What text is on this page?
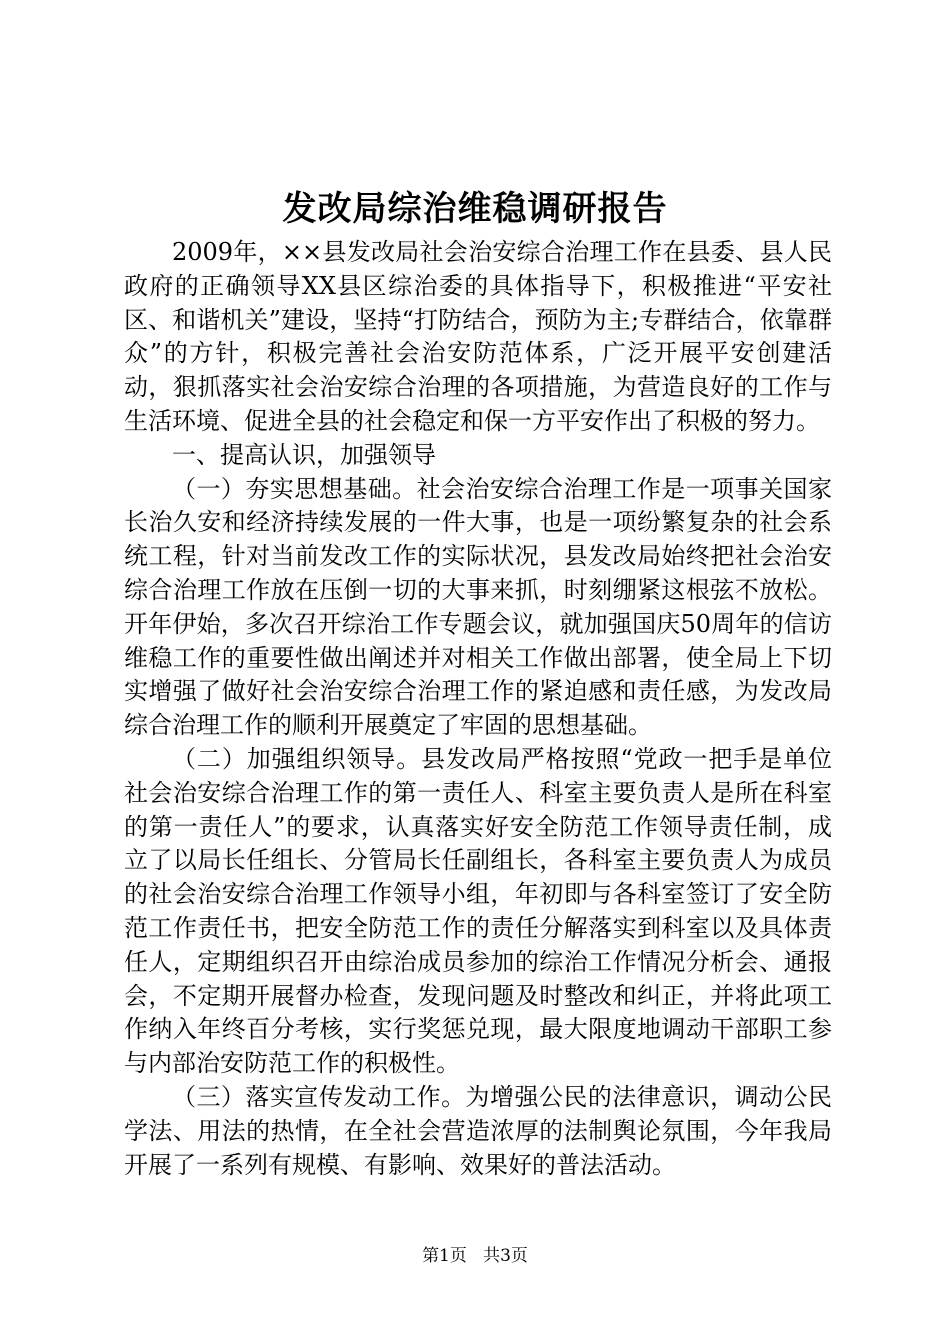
发改局综治维稳调研报告

2009年，××县发改局社会治安综合治理工作在县委、县人民政府的正确领导XX县区综治委的具体指导下，积极推进“平安社区、和谐机关”建设，坚持“打防结合，预防为主;专群结合，依靠群众”的方针，积极完善社会治安防范体系，广泛开展平安创建活动，狠抓落实社会治安综合治理的各项措施，为营造良好的工作与生活环境、促进全县的社会稳定和保一方平安作出了积极的努力。

一、提高认识，加强领导

（一）夯实思想基础。社会治安综合治理工作是一项事关国家长治久安和经济持续发展的一件大事，也是一项纷繁复杂的社会系统工程，针对当前发改工作的实际状况，县发改局始终把社会治安综合治理工作放在压倒一切的大事来抓，时刻绷紧这根弦不放松。开年伊始，多次召开综治工作专题会议，就加强国庆50周年的信访维稳工作的重要性做出阐述并对相关工作做出部署，使全局上下切实增强了做好社会治安综合治理工作的紧迫感和责任感，为发改局综合治理工作的顺利开展奠定了牢固的思想基础。

（二）加强组织领导。县发改局严格按照“党政一把手是单位社会治安综合治理工作的第一责任人、科室主要负责人是所在科室的第一责任人”的要求，认真落实好安全防范工作领导责任制，成立了以局长任组长、分管局长任副组长，各科室主要负责人为成员的社会治安综合治理工作领导小组，年初即与各科室签订了安全防范工作责任书，把安全防范工作的责任分解落实到科室以及具体责任人，定期组织召开由综治成员参加的综治工作情况分析会、通报会，不定期开展督办检查，发现问题及时整改和纠正，并将此项工作纳入年终百分考核，实行奖惩兑现，最大限度地调动干部职工参与内部治安防范工作的积极性。

（三）落实宣传发动工作。为增强公民的法律意识，调动公民学法、用法的热情，在全社会营造浓厚的法制舆论氛围，今年我局开展了一系列有规模、有影响、效果好的普法活动。

第1页 共3页
